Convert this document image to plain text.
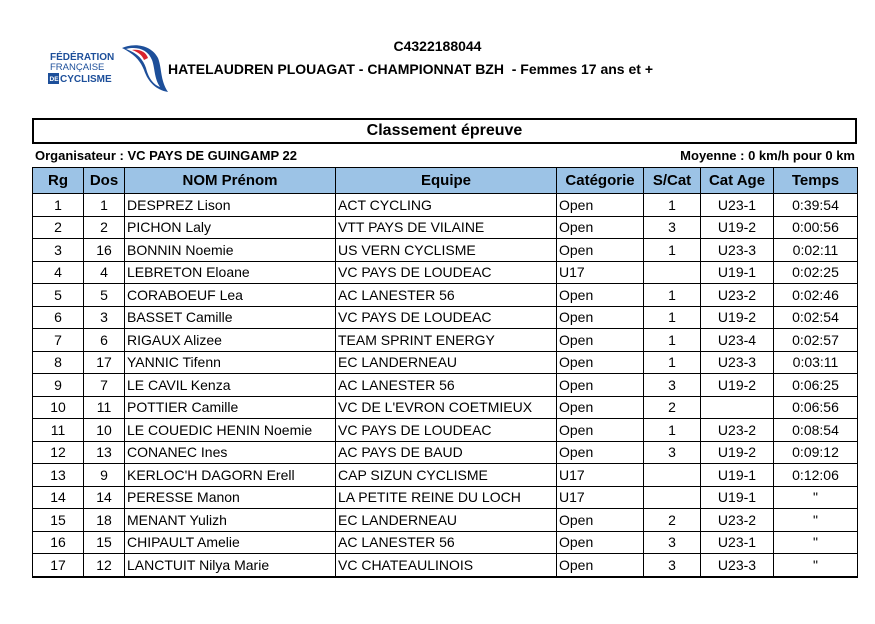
FÉDÉRATION
FRANÇAISE
DE CYCLISME
C4322188044
HATELAUDREN PLOUAGAT - CHAMPIONNAT BZH  - Femmes 17 ans et +
Classement épreuve
Organisateur : VC PAYS DE GUINGAMP 22	Moyenne : 0 km/h pour 0 km
Rg	Dos	NOM Prénom	Equipe	Catégorie	S/Cat	Cat Age	Temps
1	1	DESPREZ Lison	ACT CYCLING	Open	1	U23-1	0:39:54
2	2	PICHON Laly	VTT PAYS DE VILAINE	Open	3	U19-2	0:00:56
3	16	BONNIN Noemie	US VERN CYCLISME	Open	1	U23-3	0:02:11
4	4	LEBRETON Eloane	VC PAYS DE LOUDEAC	U17		U19-1	0:02:25
5	5	CORABOEUF Lea	AC LANESTER 56	Open	1	U23-2	0:02:46
6	3	BASSET Camille	VC PAYS DE LOUDEAC	Open	1	U19-2	0:02:54
7	6	RIGAUX Alizee	TEAM SPRINT ENERGY	Open	1	U23-4	0:02:57
8	17	YANNIC Tifenn	EC LANDERNEAU	Open	1	U23-3	0:03:11
9	7	LE CAVIL Kenza	AC LANESTER 56	Open	3	U19-2	0:06:25
10	11	POTTIER Camille	VC DE L'EVRON COETMIEUX	Open	2		0:06:56
11	10	LE COUEDIC HENIN Noemie	VC PAYS DE LOUDEAC	Open	1	U23-2	0:08:54
12	13	CONANEC Ines	AC PAYS DE BAUD	Open	3	U19-2	0:09:12
13	9	KERLOC'H DAGORN Erell	CAP SIZUN CYCLISME	U17		U19-1	0:12:06
14	14	PERESSE Manon	LA PETITE REINE DU LOCH	U17		U19-1	"
15	18	MENANT Yulizh	EC LANDERNEAU	Open	2	U23-2	"
16	15	CHIPAULT Amelie	AC LANESTER 56	Open	3	U23-1	"
17	12	LANCTUIT Nilya Marie	VC CHATEAULINOIS	Open	3	U23-3	"
